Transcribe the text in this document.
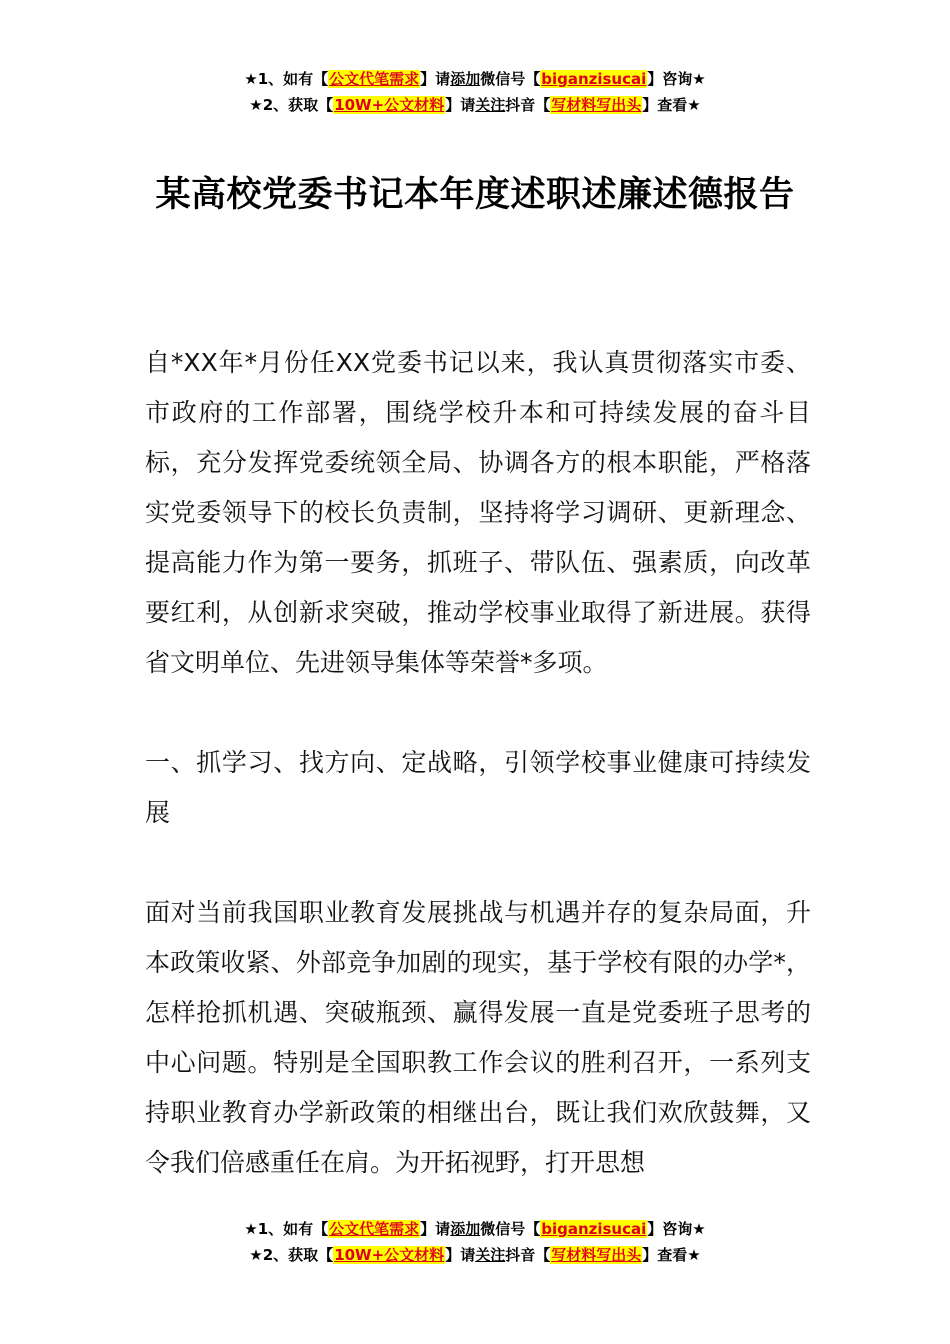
★1、如有【公文代笔需求】请添加微信号【biganzisucai】咨询★
★2、获取【10W+公文材料】请关注抖音【写材料写出头】查看★
某高校党委书记本年度述职述廉述德报告

自*XX年*月份任XX党委书记以来，我认真贯彻落实市委、市政府的工作部署，围绕学校升本和可持续发展的奋斗目标，充分发挥党委统领全局、协调各方的根本职能，严格落实党委领导下的校长负责制，坚持将学习调研、更新理念、提高能力作为第一要务，抓班子、带队伍、强素质，向改革要红利，从创新求突破，推动学校事业取得了新进展。获得省文明单位、先进领导集体等荣誉*多项。

一、抓学习、找方向、定战略，引领学校事业健康可持续发展

面对当前我国职业教育发展挑战与机遇并存的复杂局面，升本政策收紧、外部竞争加剧的现实，基于学校有限的办学*，怎样抢抓机遇、突破瓶颈、赢得发展一直是党委班子思考的中心问题。特别是全国职教工作会议的胜利召开，一系列支持职业教育办学新政策的相继出台，既让我们欢欣鼓舞，又令我们倍感重任在肩。为开拓视野，打开思想

★1、如有【公文代笔需求】请添加微信号【biganzisucai】咨询★
★2、获取【10W+公文材料】请关注抖音【写材料写出头】查看★
